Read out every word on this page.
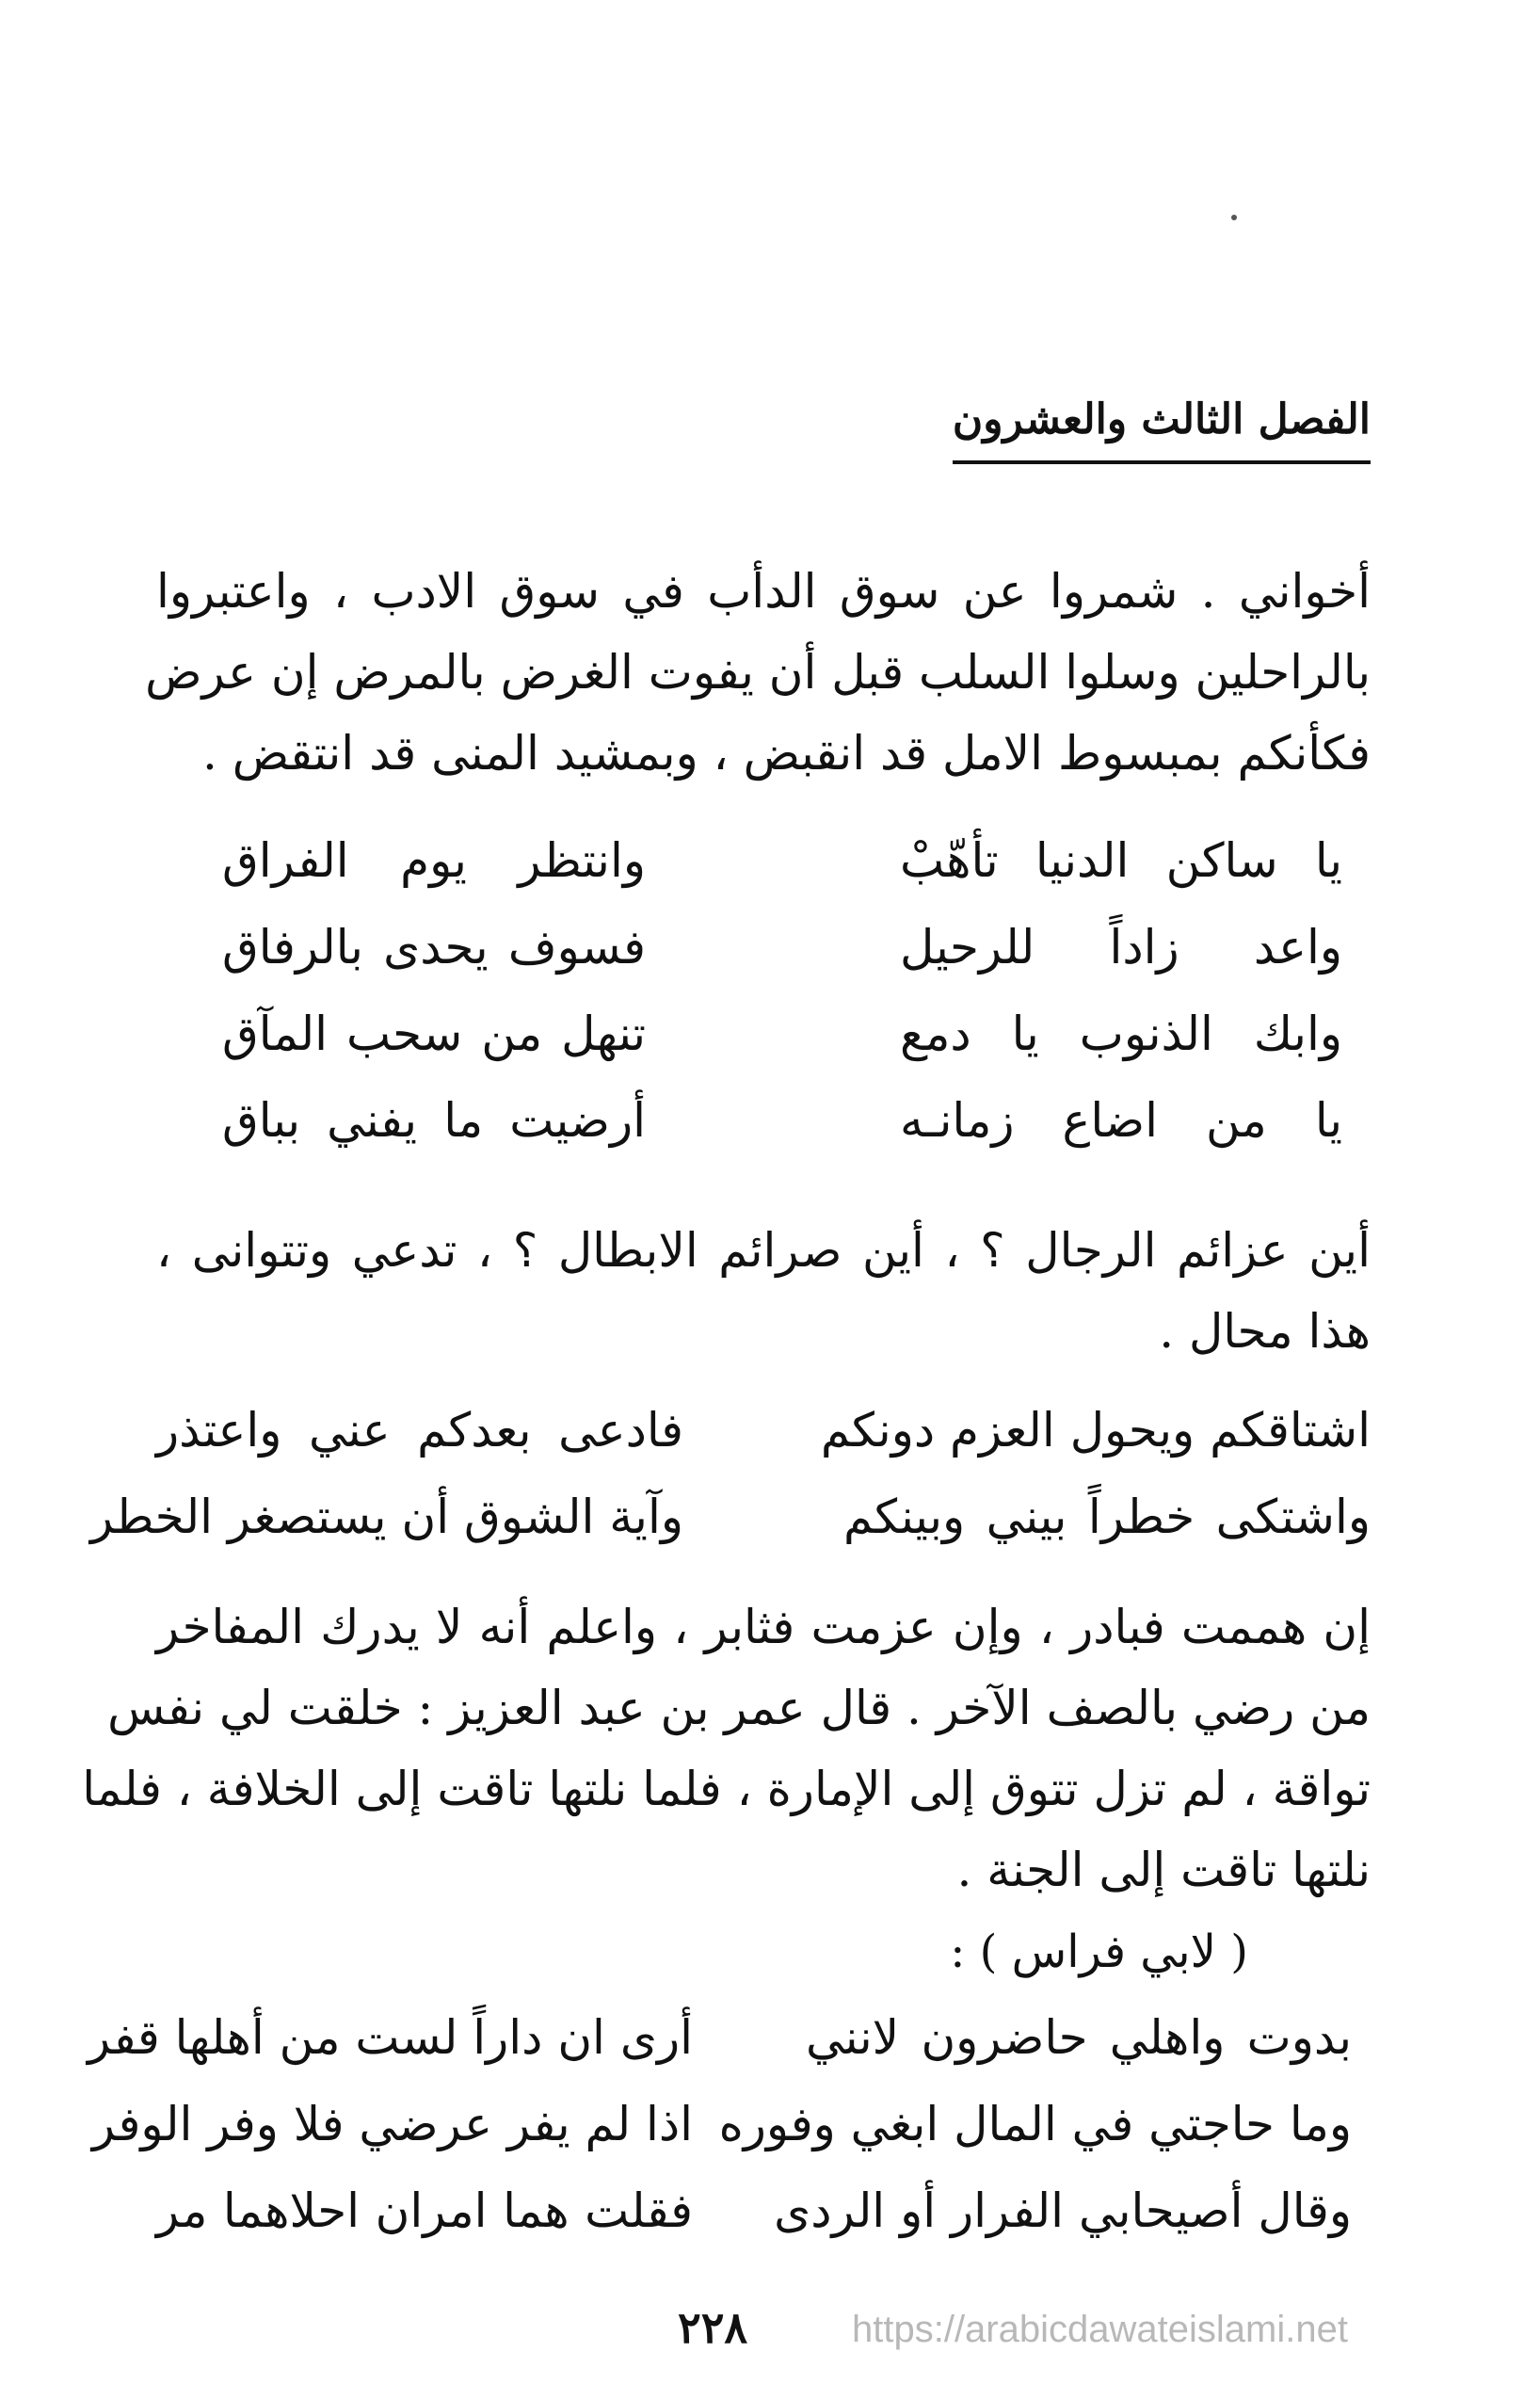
الفصل الثالث والعشرون
أخواني . شمروا عن سوق الدأب في سوق الادب ، واعتبروا
بالراحلين وسلوا السلب قبل أن يفوت الغرض بالمرض إن عرض
فكأنكم بمبسوط الامل قد انقبض ، وبمشيد المنى قد انتقض .
يا ساكن الدنيا تأهّبْ
وانتظر يوم الفراق
واعد زاداً للرحيل
فسوف يحدى بالرفاق
وابك الذنوب يا دمع
تنهل من سحب المآق
يا من اضاع زمانـه
أرضيت ما يفني بباق
أين عزائم الرجال ؟ ، أين صرائم الابطال ؟ ، تدعي وتتوانى ،
هذا محال .
اشتاقكم ويحول العزم دونكم
فادعى بعدكم عني واعتذر
واشتكى خطراً بيني وبينكم
وآية الشوق أن يستصغر الخطر
إن هممت فبادر ، وإن عزمت فثابر ، واعلم أنه لا يدرك المفاخر
من رضي بالصف الآخر . قال عمر بن عبد العزيز : خلقت لي نفس
تواقة ، لم تزل تتوق إلى الإمارة ، فلما نلتها تاقت إلى الخلافة ، فلما
نلتها تاقت إلى الجنة .
( لابي فراس ) :
بدوت واهلي حاضرون لانني
أرى ان داراً لست من أهلها قفر
وما حاجتي في المال ابغي وفوره
اذا لم يفر عرضي فلا وفر الوفر
وقال أصيحابي الفرار أو الردى
فقلت هما امران احلاهما مر
٢٢٨	https://arabicdawateislami.net
